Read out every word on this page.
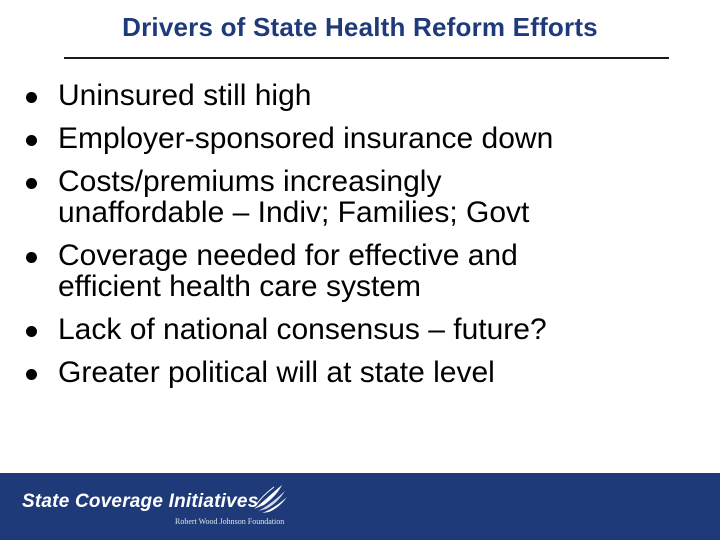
Drivers of State Health Reform Efforts
Uninsured still high
Employer-sponsored insurance down
Costs/premiums increasingly
unaffordable – Indiv; Families; Govt
Coverage needed for effective and
efficient health care system
Lack of national consensus – future?
Greater political will at state level
State Coverage Initiatives
Robert Wood Johnson Foundation
